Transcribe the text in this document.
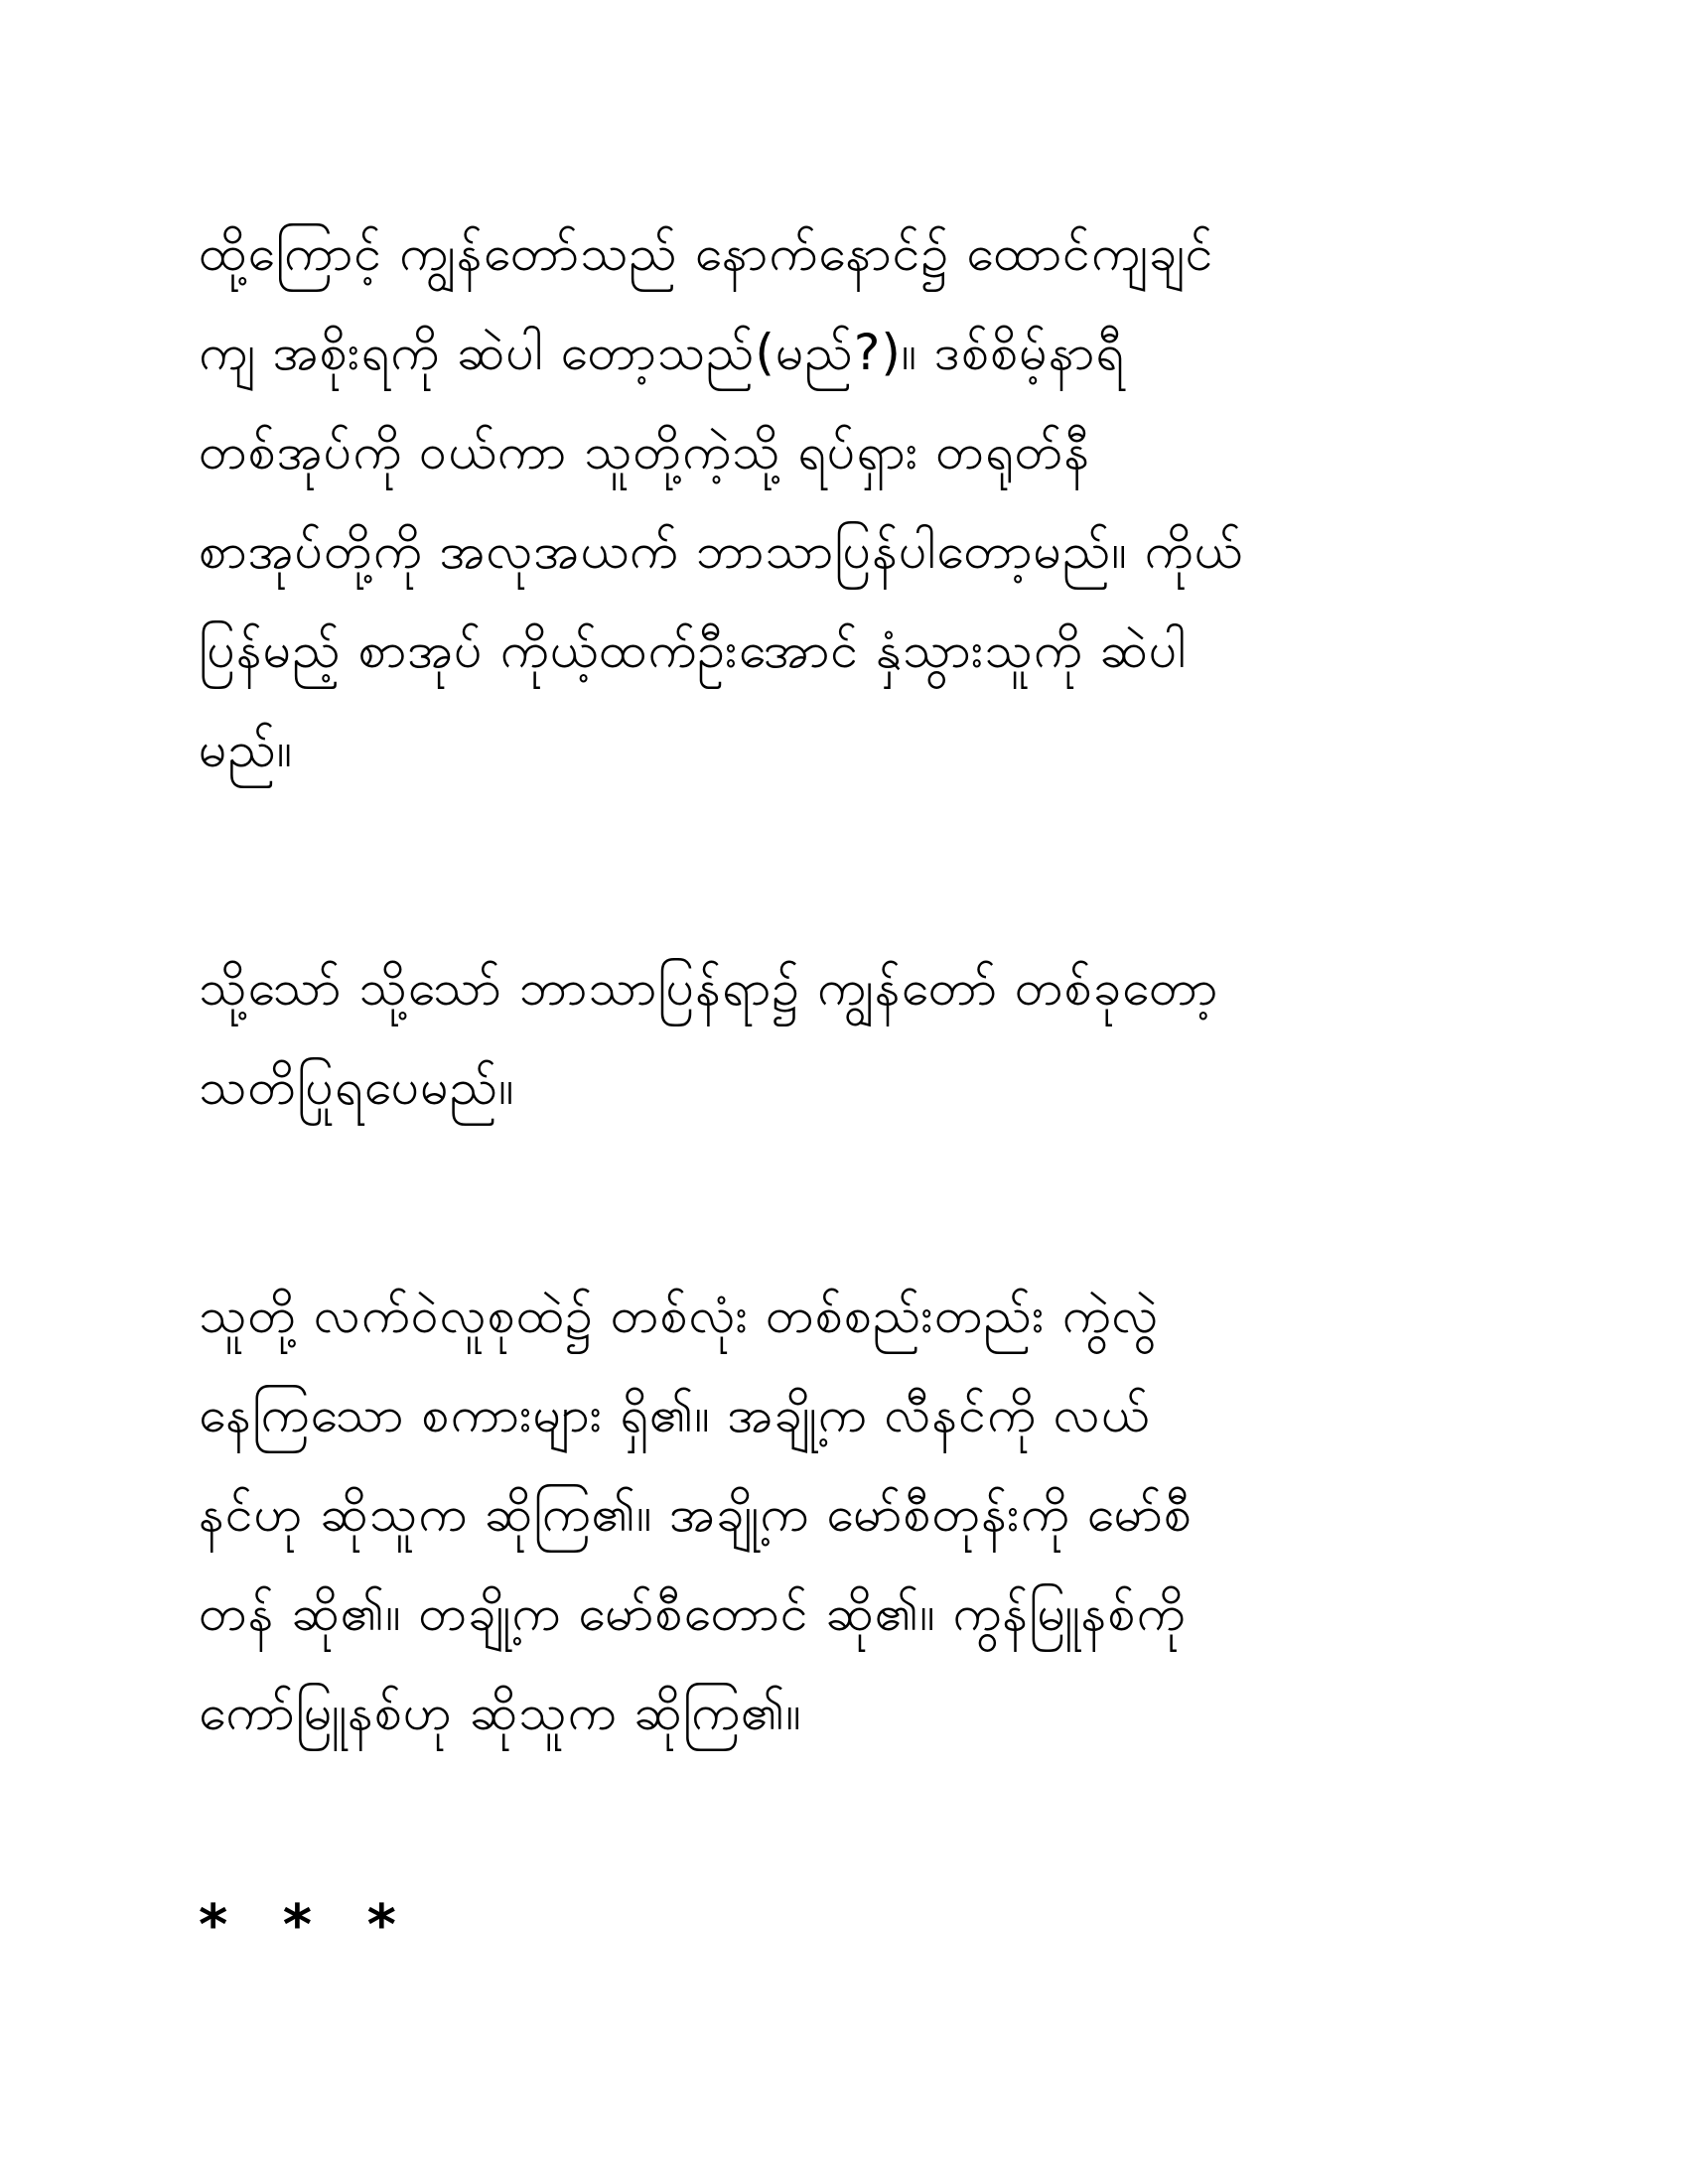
ထို့ကြောင့် ကျွန်တော်သည် နောက်နောင်၌ ထောင်ကျချင်
ကျ အစိုးရကို ဆဲပါ တော့သည်(မည်?)။ ဒစ်စိမ့်နာရီ
တစ်အုပ်ကို ဝယ်ကာ သူတို့ကဲ့သို့ ရပ်ရှား တရုတ်နီ
စာအုပ်တို့ကို အလုအယက် ဘာသာပြန်ပါတော့မည်။ ကိုယ်
ပြန်မည့် စာအုပ် ကိုယ့်ထက်ဦးအောင် နှံသွားသူကို ဆဲပါ
မည်။
သို့သော် သို့သော် ဘာသာပြန်ရာ၌ ကျွန်တော် တစ်ခုတော့
သတိပြုရပေမည်။
သူတို့ လက်ဝဲလူစုထဲ၌ တစ်လုံး တစ်စည်းတည်း ကွဲလွဲ
နေကြသော စကားများ ရှိ၏။ အချို့က လီနင်ကို လယ်
နင်ဟု ဆိုသူက ဆိုကြ၏။ အချို့က မော်စီတုန်းကို မော်စီ
တန် ဆို၏။ တချို့က မော်စီတောင် ဆို၏။ ကွန်မြူနစ်ကို
ကော်မြူနစ်ဟု ဆိုသူက ဆိုကြ၏။
* * *
